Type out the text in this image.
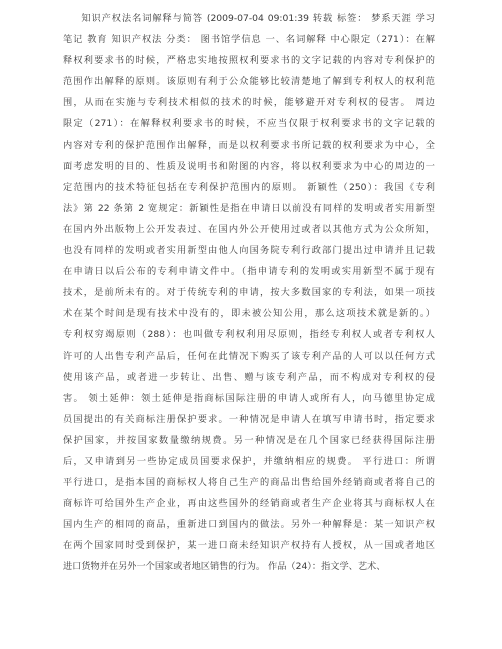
知识产权法名词解释与简答 (2009-07-04 09:01:39 转载 标签： 梦系天涯 学习
笔记 教育 知识产权法 分类： 图书馆学信息 一、名词解释 中心限定（271）：在解
释权利要求书的时候，严格忠实地按照权利要求书的文字记载的内容对专利保护的
范围作出解释的原则。该原则有利于公众能够比较清楚地了解到专利权人的权利范
围，从而在实施与专利技术相似的技术的时候，能够避开对专利权的侵害。 周边
限定（271）：在解释权利要求书的时候，不应当仅限于权利要求书的文字记载的
内容对专利的保护范围作出解释，而是以权利要求书所记载的权利要求为中心，全
面考虑发明的目的、性质及说明书和附图的内容，将以权利要求为中心的周边的一
定范围内的技术特征包括在专利保护范围内的原则。 新颖性（250）：我国《专利
法》第 22 条第 2 宽规定：新颖性是指在申请日以前没有同样的发明或者实用新型
在国内外出版物上公开发表过、在国内外公开使用过或者以其他方式为公众所知，
也没有同样的发明或者实用新型由他人向国务院专利行政部门提出过申请并且记载
在申请日以后公布的专利申请文件中。（指申请专利的发明或实用新型不属于现有
技术，是前所未有的。对于传统专利的申请，按大多数国家的专利法，如果一项技
术在某个时间是现有技术中没有的，即未被公知公用，那么这项技术就是新的。）
专利权穷竭原则（288）：也叫做专利权利用尽原则，指经专利权人或者专利权人
许可的人出售专利产品后，任何在此情况下购买了该专利产品的人可以以任何方式
使用该产品，或者进一步转让、出售、赠与该专利产品，而不构成对专利权的侵
害。 领土延伸：领土延伸是指商标国际注册的申请人或所有人，向马德里协定成
员国提出的有关商标注册保护要求。一种情况是申请人在填写申请书时，指定要求
保护国家，并按国家数量缴纳规费。另一种情况是在几个国家已经获得国际注册
后，又申请到另一些协定成员国要求保护，并缴纳相应的规费。 平行进口：所谓
平行进口，是指本国的商标权人将自己生产的商品出售给国外经销商或者将自己的
商标许可给国外生产企业，再由这些国外的经销商或者生产企业将其与商标权人在
国内生产的相同的商品，重新进口到国内的做法。另外一种解释是：某一知识产权
在两个国家同时受到保护，某一进口商未经知识产权持有人授权，从一国或者地区
进口货物并在另外一个国家或者地区销售的行为。 作品（24）：指文学、艺术、
